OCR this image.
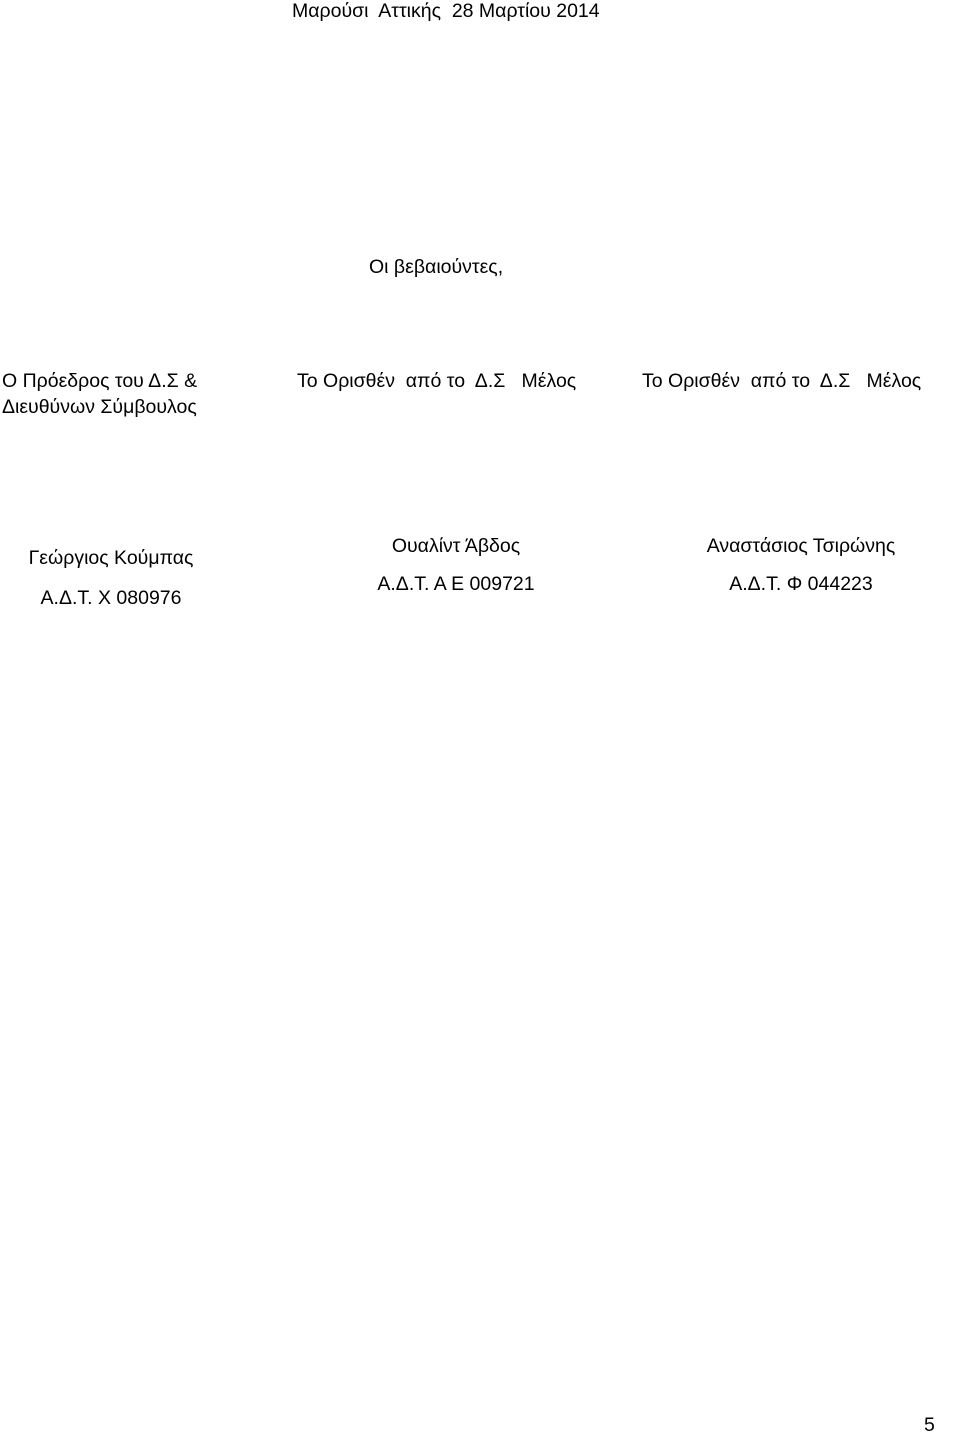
Μαρούσι  Αττικής  28 Μαρτίου 2014
Οι βεβαιούντες,
Ο Πρόεδρος του Δ.Σ &
Διευθύνων Σύμβουλος
Το Ορισθέν  από το  Δ.Σ   Μέλος	Το Ορισθέν  από το  Δ.Σ   Μέλος
Γεώργιος Κούμπας
Α.Δ.Τ. Χ 080976
Ουαλίντ Άβδος
Α.Δ.Τ. Α Ε 009721
Αναστάσιος Τσιρώνης
Α.Δ.Τ. Φ 044223
5
